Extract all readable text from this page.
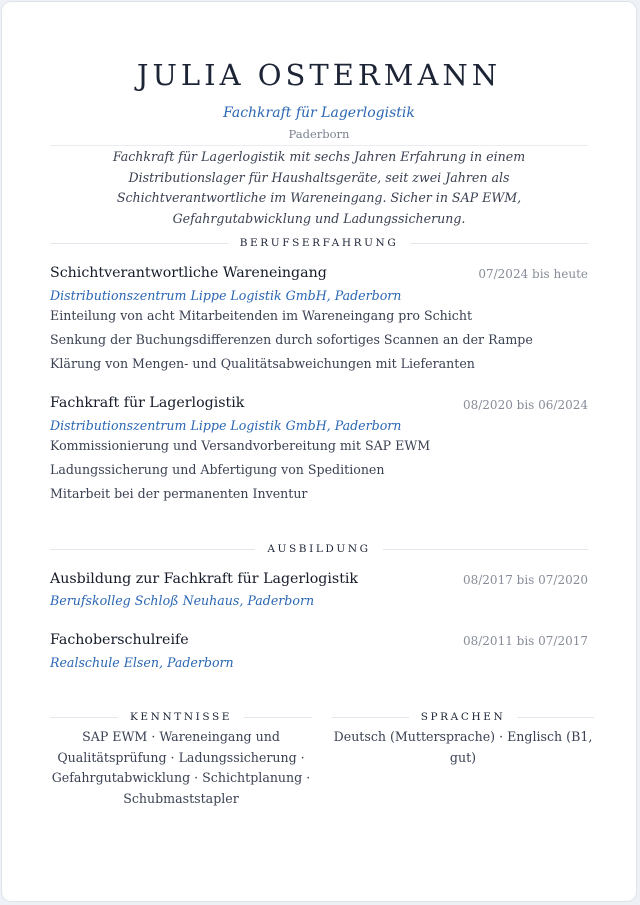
JULIA OSTERMANN
Fachkraft für Lagerlogistik
Paderborn
Fachkraft für Lagerlogistik mit sechs Jahren Erfahrung in einem Distributionslager für Haushaltsgeräte, seit zwei Jahren als Schichtverantwortliche im Wareneingang. Sicher in SAP EWM, Gefahrgutabwicklung und Ladungssicherung.
BERUFSERFAHRUNG
Schichtverantwortliche Wareneingang	07/2024 bis heute
Distributionszentrum Lippe Logistik GmbH, Paderborn
Einteilung von acht Mitarbeitenden im Wareneingang pro Schicht
Senkung der Buchungsdifferenzen durch sofortiges Scannen an der Rampe
Klärung von Mengen- und Qualitätsabweichungen mit Lieferanten
Fachkraft für Lagerlogistik	08/2020 bis 06/2024
Distributionszentrum Lippe Logistik GmbH, Paderborn
Kommissionierung und Versandvorbereitung mit SAP EWM
Ladungssicherung und Abfertigung von Speditionen
Mitarbeit bei der permanenten Inventur
AUSBILDUNG
Ausbildung zur Fachkraft für Lagerlogistik	08/2017 bis 07/2020
Berufskolleg Schloß Neuhaus, Paderborn
Fachoberschulreife	08/2011 bis 07/2017
Realschule Elsen, Paderborn
KENNTNISSE
SAP EWM · Wareneingang und
Qualitätsprüfung · Ladungssicherung ·
Gefahrgutabwicklung · Schichtplanung ·
Schubmaststapler
SPRACHEN
Deutsch (Muttersprache) · Englisch (B1, gut)
